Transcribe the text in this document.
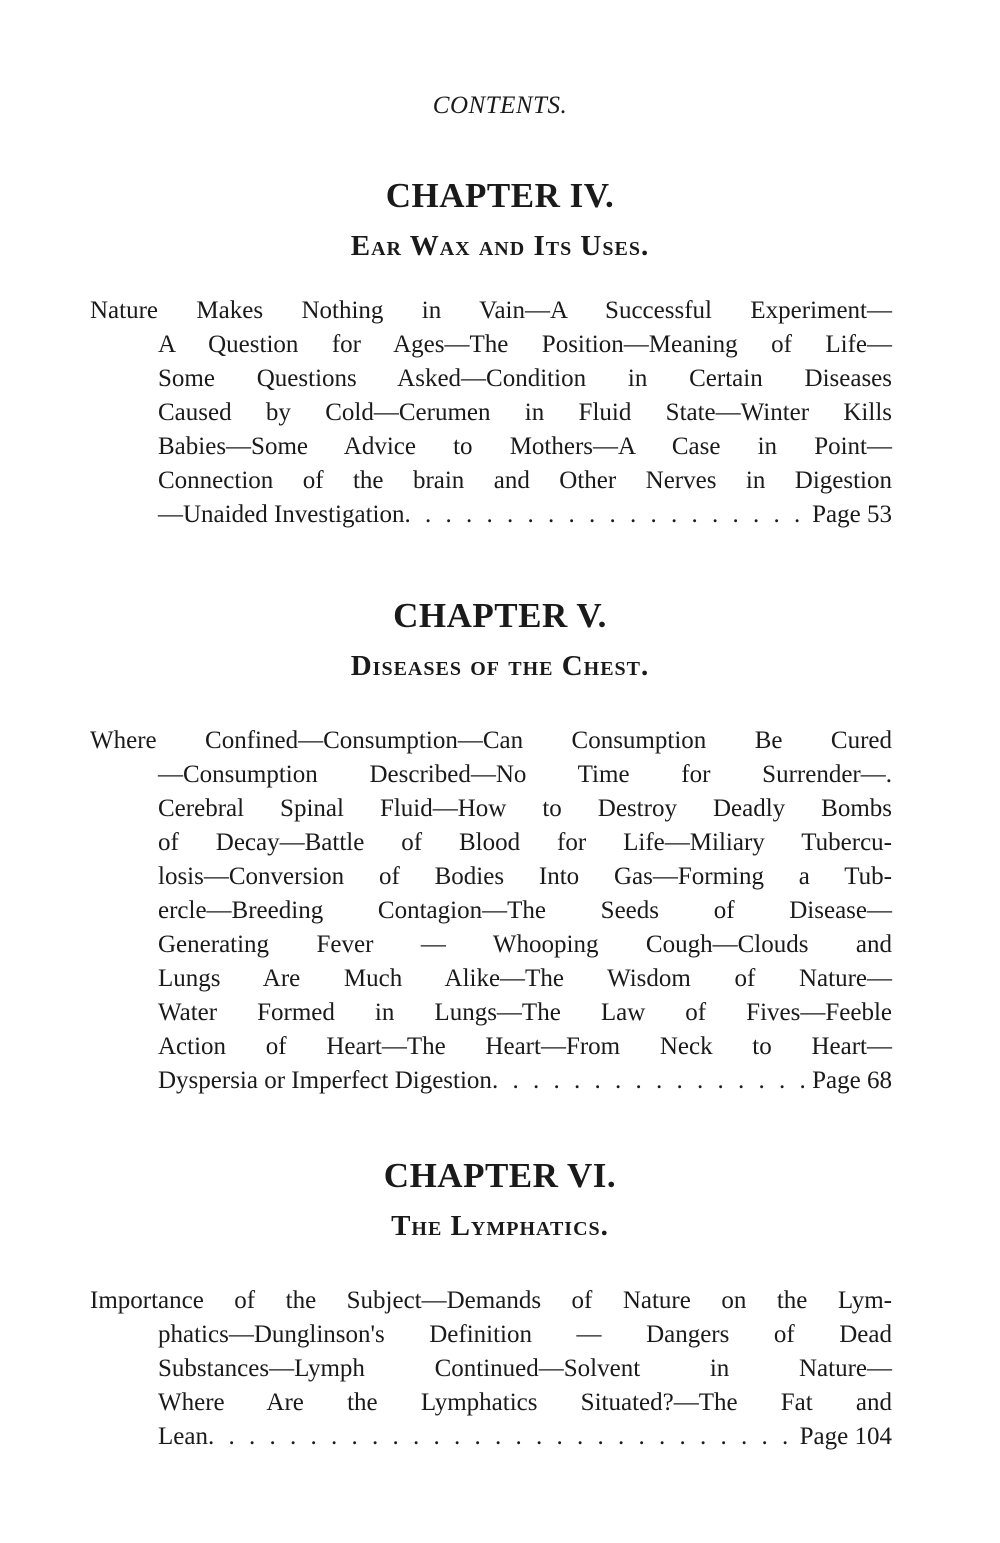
CONTENTS.
CHAPTER IV.
Ear Wax and Its Uses.
Nature Makes Nothing in Vain—A Successful Experiment—
A Question for Ages—The Position—Meaning of Life—
Some Questions Asked—Condition in Certain Diseases
Caused by Cold—Cerumen in Fluid State—Winter Kills
Babies—Some Advice to Mothers—A Case in Point—
Connection of the brain and Other Nerves in Digestion
—Unaided Investigation . . .	Page 53
CHAPTER V.
Diseases of the Chest.
Where Confined—Consumption—Can Consumption Be Cured
—Consumption Described—No Time for Surrender—.
Cerebral Spinal Fluid—How to Destroy Deadly Bombs
of Decay—Battle of Blood for Life—Miliary Tubercu-
losis—Conversion of Bodies Into Gas—Forming a Tub-
ercle—Breeding Contagion—The Seeds of Disease—
Generating Fever — Whooping Cough—Clouds and
Lungs Are Much Alike—The Wisdom of Nature—
Water Formed in Lungs—The Law of Fives—Feeble
Action of Heart—The Heart—From Neck to Heart—
Dyspersia or Imperfect Digestion . . .	Page 68
CHAPTER VI.
The Lymphatics.
Importance of the Subject—Demands of Nature on the Lym-
phatics—Dunglinson's Definition — Dangers of Dead
Substances—Lymph Continued—Solvent in Nature—
Where Are the Lymphatics Situated?—The Fat and
Lean . . .	Page 104
